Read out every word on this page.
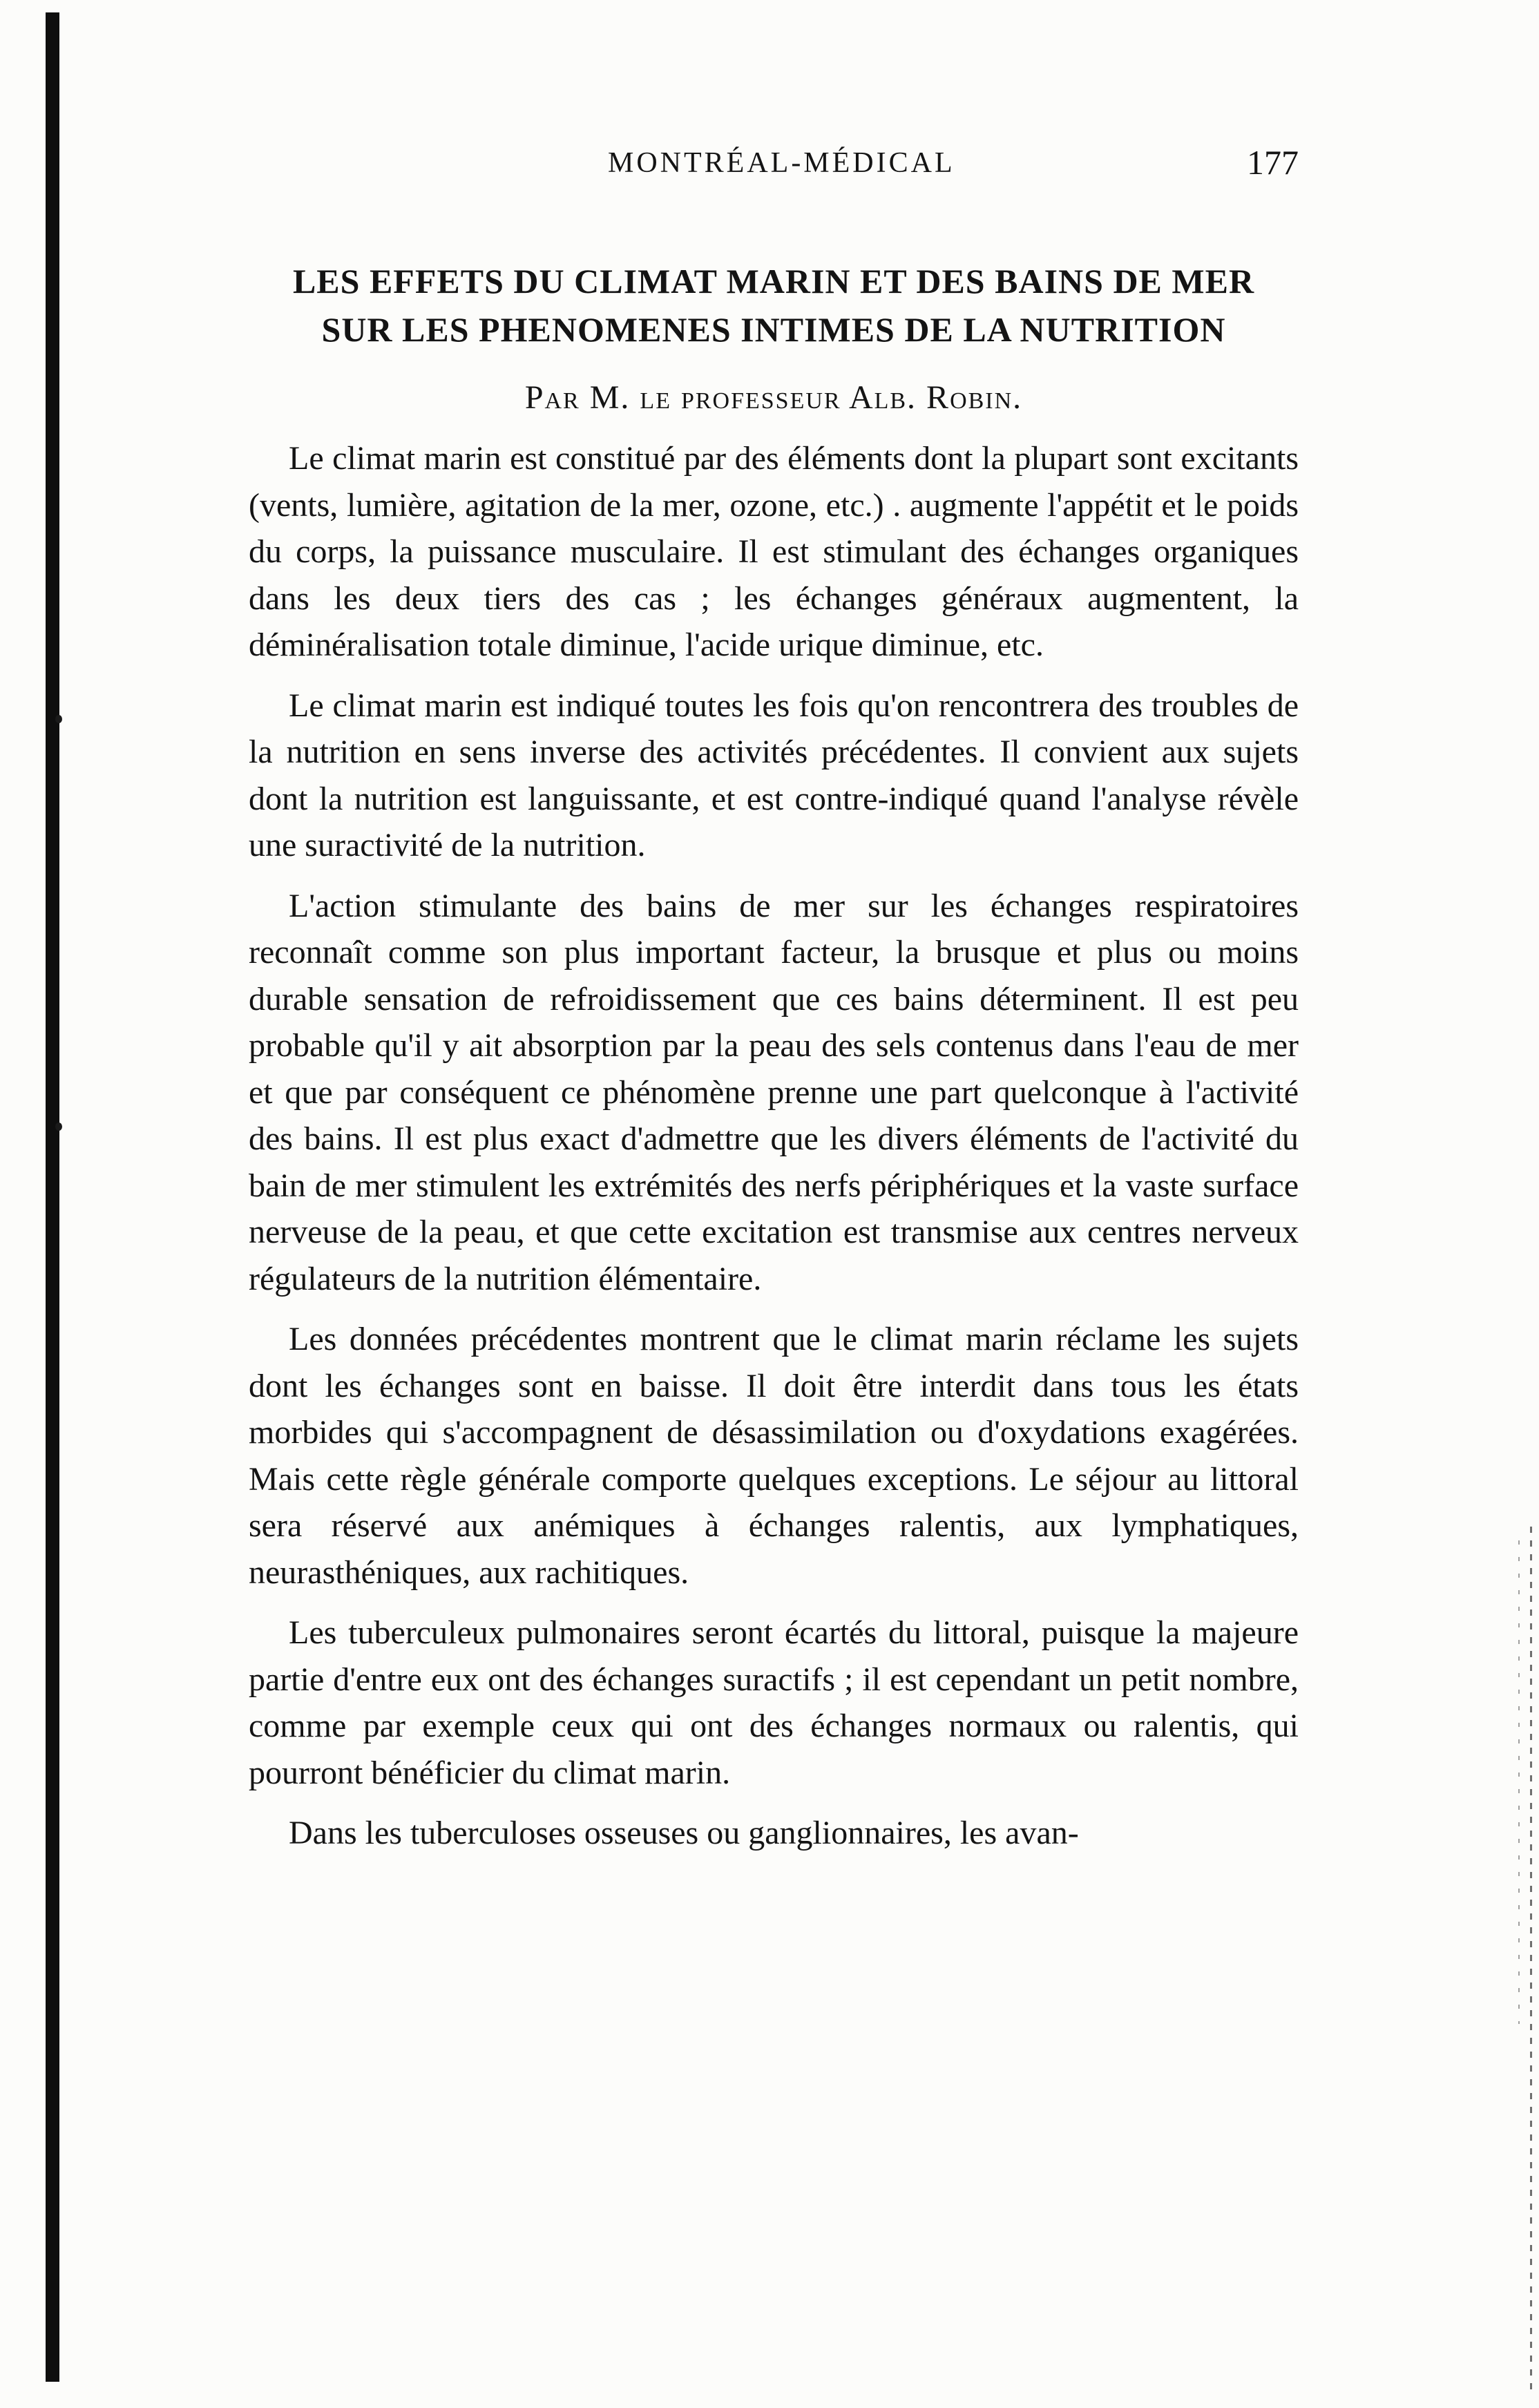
MONTRÉAL-MÉDICAL	177
LES EFFETS DU CLIMAT MARIN ET DES BAINS DE MER
SUR LES PHENOMENES INTIMES DE LA NUTRITION
Par M. le professeur Alb. Robin.

Le climat marin est constitué par des éléments dont la plupart sont excitants (vents, lumière, agitation de la mer, ozone, etc.) . augmente l'appétit et le poids du corps, la puissance musculaire. Il est stimulant des échanges organiques dans les deux tiers des cas ; les échanges généraux augmentent, la déminéralisation totale diminue, l'acide urique diminue, etc.

Le climat marin est indiqué toutes les fois qu'on rencontrera des troubles de la nutrition en sens inverse des activités précédentes. Il convient aux sujets dont la nutrition est languissante, et est contre-indiqué quand l'analyse révèle une suractivité de la nutrition.

L'action stimulante des bains de mer sur les échanges respiratoires reconnaît comme son plus important facteur, la brusque et plus ou moins durable sensation de refroidissement que ces bains déterminent. Il est peu probable qu'il y ait absorption par la peau des sels contenus dans l'eau de mer et que par conséquent ce phénomène prenne une part quelconque à l'activité des bains. Il est plus exact d'admettre que les divers éléments de l'activité du bain de mer stimulent les extrémités des nerfs périphériques et la vaste surface nerveuse de la peau, et que cette excitation est transmise aux centres nerveux régulateurs de la nutrition élémentaire.

Les données précédentes montrent que le climat marin réclame les sujets dont les échanges sont en baisse. Il doit être interdit dans tous les états morbides qui s'accompagnent de désassimilation ou d'oxydations exagérées. Mais cette règle générale comporte quelques exceptions. Le séjour au littoral sera réservé aux anémiques à échanges ralentis, aux lymphatiques, neurasthéniques, aux rachitiques.

Les tuberculeux pulmonaires seront écartés du littoral, puisque la majeure partie d'entre eux ont des échanges suractifs ; il est cependant un petit nombre, comme par exemple ceux qui ont des échanges normaux ou ralentis, qui pourront bénéficier du climat marin.

Dans les tuberculoses osseuses ou ganglionnaires, les avan-
